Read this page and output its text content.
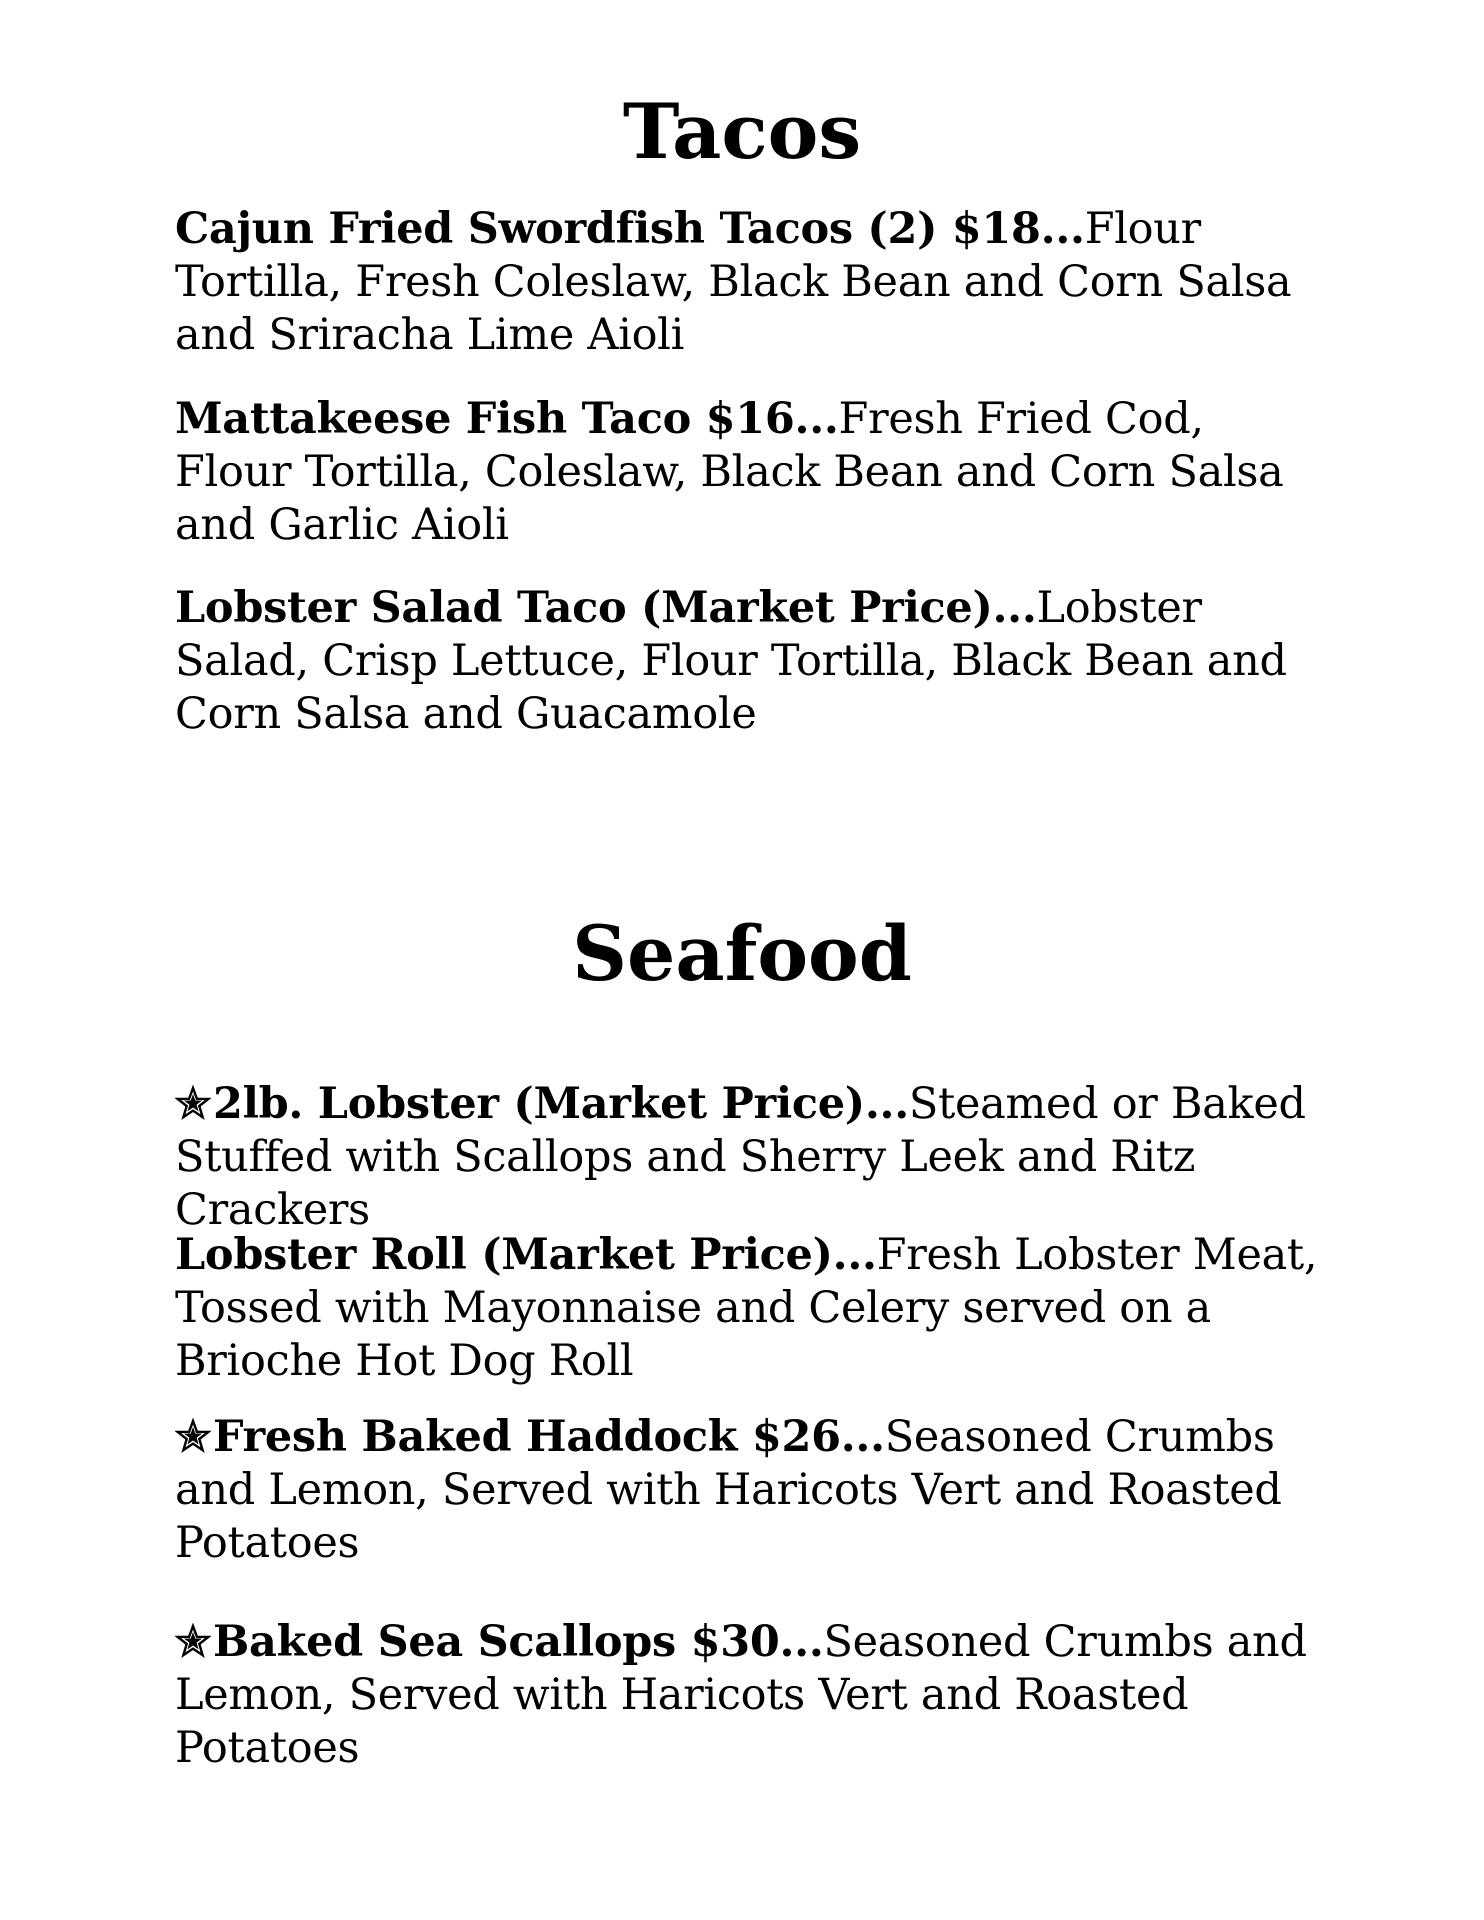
Tacos

Cajun Fried Swordfish Tacos (2) $18...Flour Tortilla, Fresh Coleslaw, Black Bean and Corn Salsa and Sriracha Lime Aioli

Mattakeese Fish Taco $16...Fresh Fried Cod, Flour Tortilla, Coleslaw, Black Bean and Corn Salsa and Garlic Aioli

Lobster Salad Taco (Market Price)...Lobster Salad, Crisp Lettuce, Flour Tortilla, Black Bean and Corn Salsa and Guacamole

Seafood

2lb. Lobster (Market Price)...Steamed or Baked Stuffed with Scallops and Sherry Leek and Ritz Crackers

Lobster Roll (Market Price)...Fresh Lobster Meat, Tossed with Mayonnaise and Celery served on a Brioche Hot Dog Roll

Fresh Baked Haddock $26...Seasoned Crumbs and Lemon, Served with Haricots Vert and Roasted Potatoes

Baked Sea Scallops $30...Seasoned Crumbs and Lemon, Served with Haricots Vert and Roasted Potatoes
